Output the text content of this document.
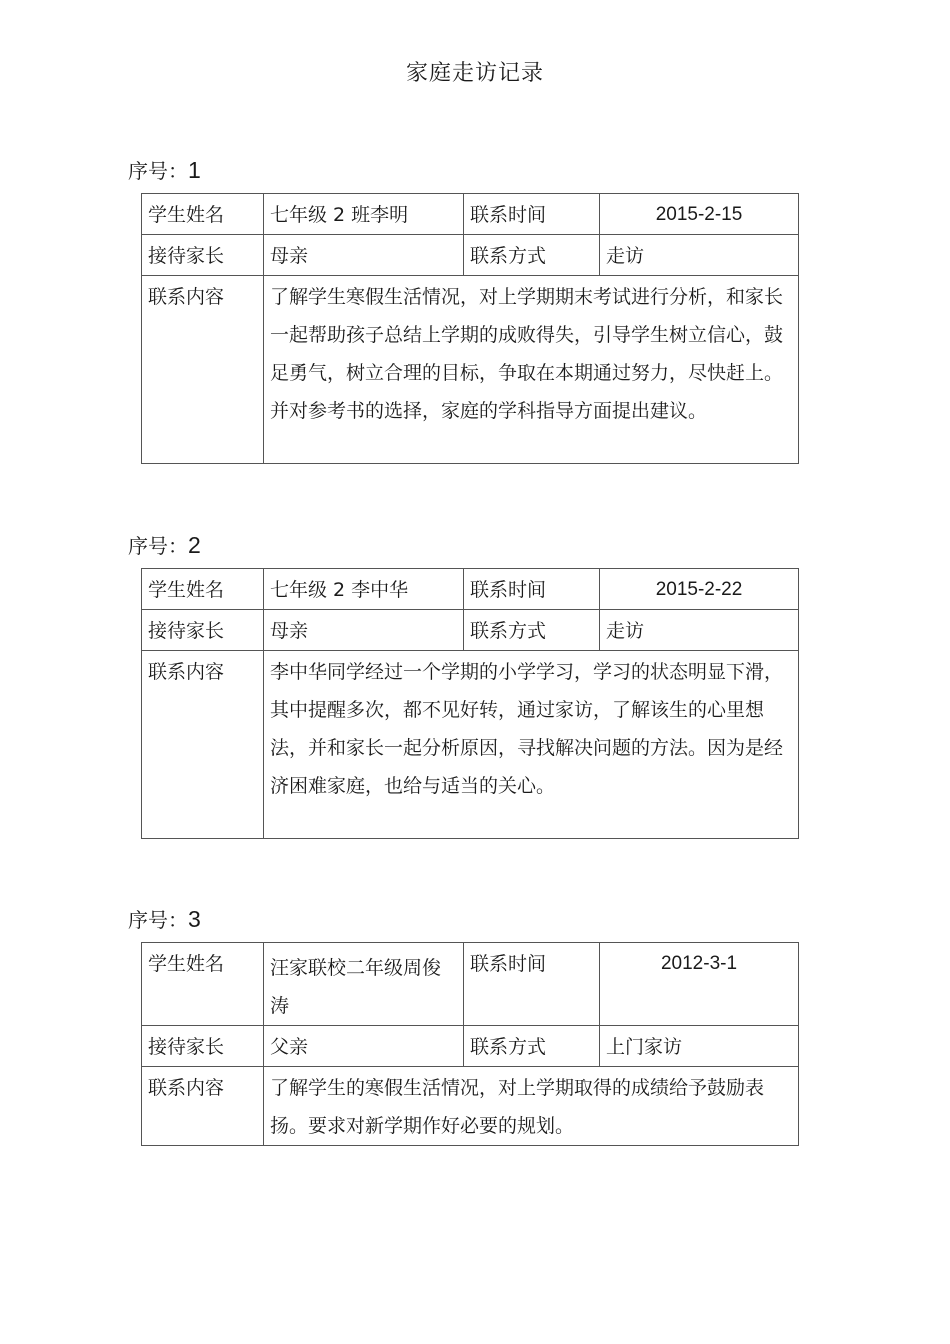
家庭走访记录
序号：1
学生姓名	七年级 2 班李明	联系时间	2015-2-15
接待家长	母亲	联系方式	走访
联系内容	了解学生寒假生活情况，对上学期期末考试进行分析，和家长一起帮助孩子总结上学期的成败得失，引导学生树立信心，鼓足勇气，树立合理的目标，争取在本期通过努力，尽快赶上。并对参考书的选择，家庭的学科指导方面提出建议。		
序号：2
学生姓名	七年级 2 李中华	联系时间	2015-2-22
接待家长	母亲	联系方式	走访
联系内容	李中华同学经过一个学期的小学学习，学习的状态明显下滑，其中提醒多次，都不见好转，通过家访，了解该生的心里想法，并和家长一起分析原因，寻找解决问题的方法。因为是经济困难家庭，也给与适当的关心。		
序号：3
学生姓名	汪家联校二年级周俊涛	联系时间	2012-3-1
接待家长	父亲	联系方式	上门家访
联系内容	了解学生的寒假生活情况，对上学期取得的成绩给予鼓励表扬。要求对新学期作好必要的规划。		
